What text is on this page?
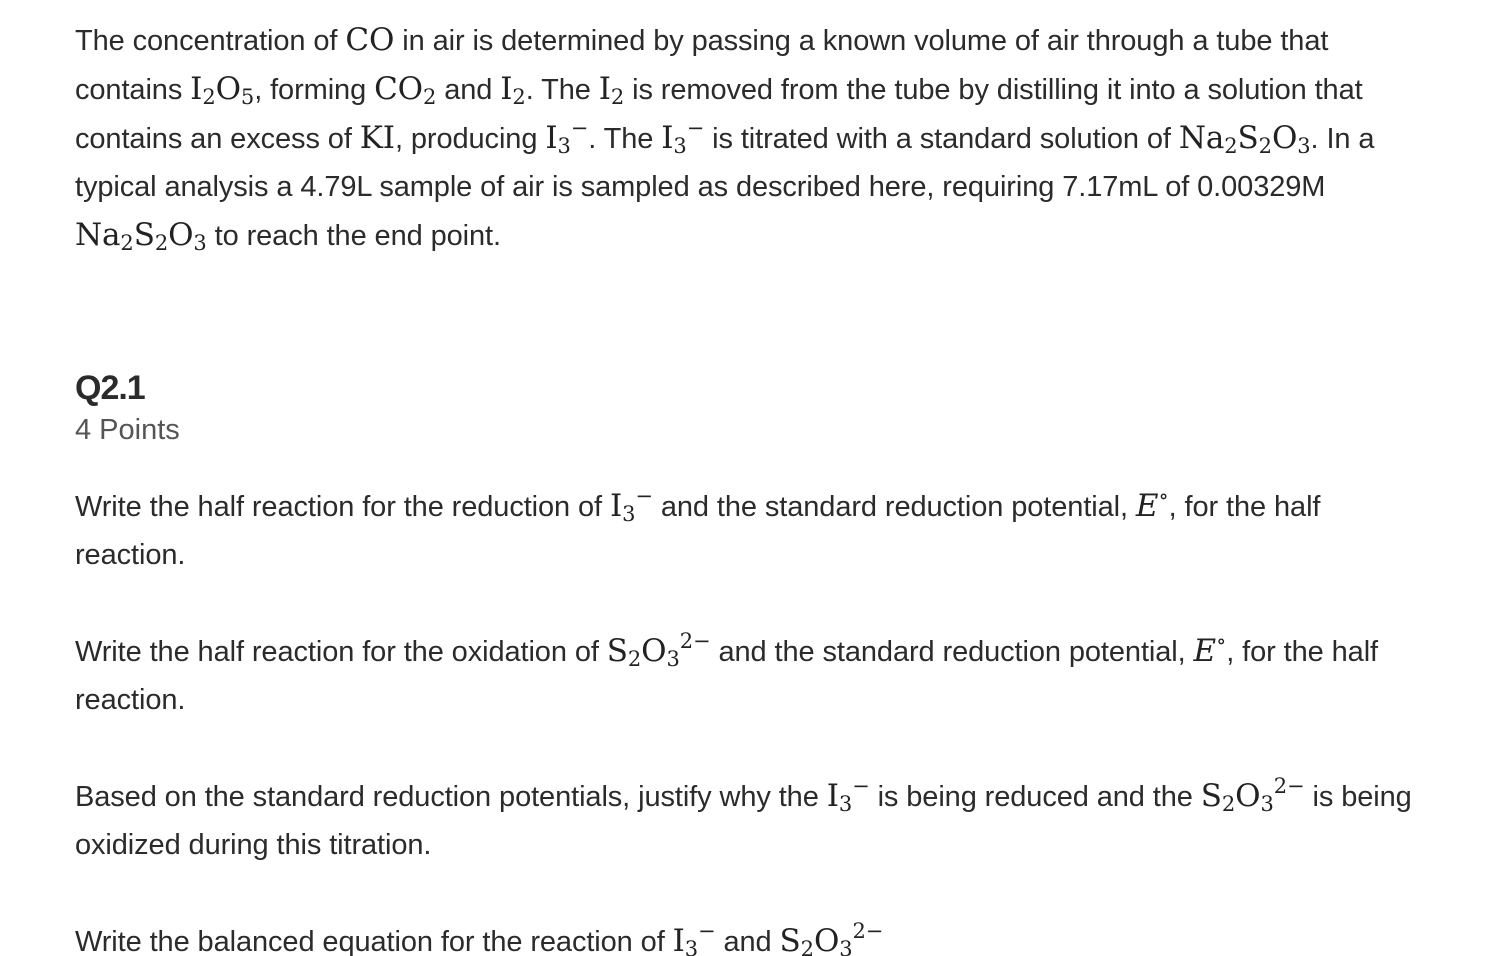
The concentration of CO in air is determined by passing a known volume of air through a tube that contains $I_2O_5$, forming $CO_2$ and $I_2$. The $I_2$ is removed from the tube by distilling it into a solution that contains an excess of KI, producing $I_3^-$. The $I_3^-$ is titrated with a standard solution of $Na_2S_2O_3$. In a typical analysis a 4.79L sample of air is sampled as described here, requiring 7.17mL of 0.00329M $Na_2S_2O_3$ to reach the end point.

Q2.1
4 Points

Write the half reaction for the reduction of $I_3^-$ and the standard reduction potential, E∘, for the half reaction.

Write the half reaction for the oxidation of $S_2O_3^{2-}$ and the standard reduction potential, E∘, for the half reaction.

Based on the standard reduction potentials, justify why the $I_3^-$ is being reduced and the $S_2O_3^{2-}$ is being oxidized during this titration.

Write the balanced equation for the reaction of $I_3^-$ and $S_2O_3^{2-}$
